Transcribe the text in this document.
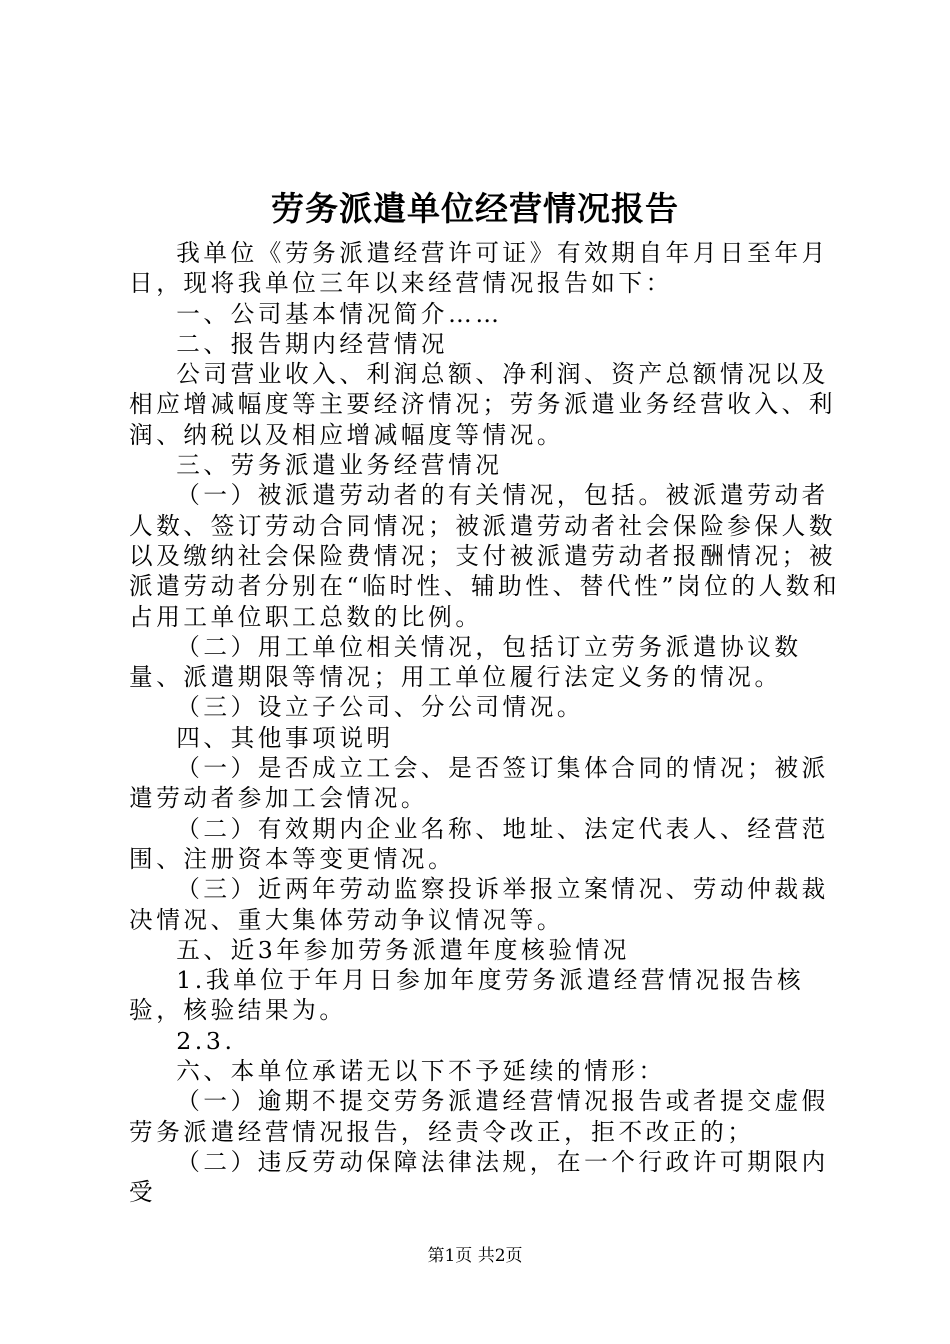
劳务派遣单位经营情况报告

我单位《劳务派遣经营许可证》有效期自年月日至年月日，现将我单位三年以来经营情况报告如下：

一、公司基本情况简介……

二、报告期内经营情况

公司营业收入、利润总额、净利润、资产总额情况以及相应增减幅度等主要经济情况；劳务派遣业务经营收入、利润、纳税以及相应增减幅度等情况。

三、劳务派遣业务经营情况

（一）被派遣劳动者的有关情况，包括。被派遣劳动者人数、签订劳动合同情况；被派遣劳动者社会保险参保人数以及缴纳社会保险费情况；支付被派遣劳动者报酬情况；被派遣劳动者分别在“临时性、辅助性、替代性”岗位的人数和占用工单位职工总数的比例。

（二）用工单位相关情况，包括订立劳务派遣协议数量、派遣期限等情况；用工单位履行法定义务的情况。

（三）设立子公司、分公司情况。

四、其他事项说明

（一）是否成立工会、是否签订集体合同的情况；被派遣劳动者参加工会情况。

（二）有效期内企业名称、地址、法定代表人、经营范围、注册资本等变更情况。

（三）近两年劳动监察投诉举报立案情况、劳动仲裁裁决情况、重大集体劳动争议情况等。

五、近3年参加劳务派遣年度核验情况

1.我单位于年月日参加年度劳务派遣经营情况报告核验，核验结果为。

2.3.

六、本单位承诺无以下不予延续的情形：

（一）逾期不提交劳务派遣经营情况报告或者提交虚假劳务派遣经营情况报告，经责令改正，拒不改正的；

（二）违反劳动保障法律法规，在一个行政许可期限内受

第1页 共2页
